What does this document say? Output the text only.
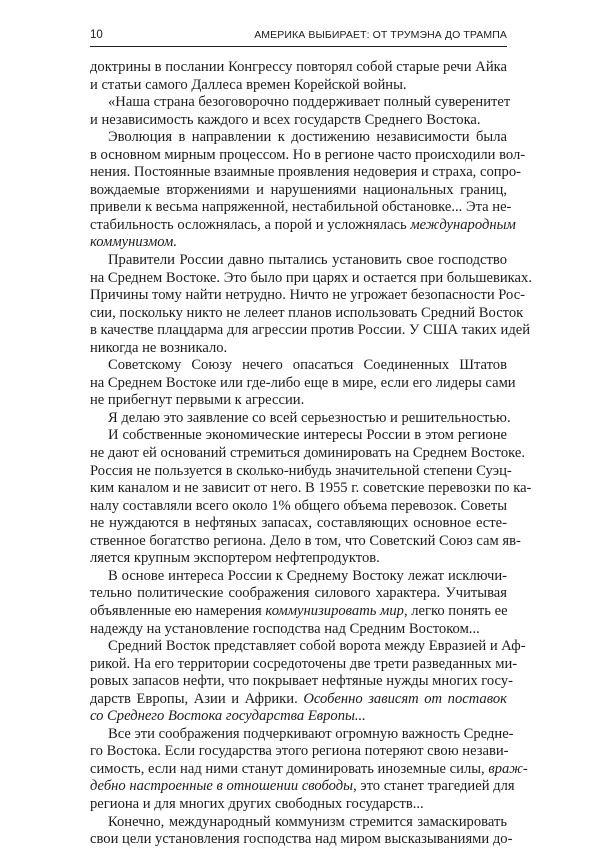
10	АМЕРИКА ВЫБИРАЕТ: ОТ ТРУМЭНА ДО ТРАМПА
доктрины в послании Конгрессу повторял собой старые речи Айка
и статьи самого Даллеса времен Корейской войны.
«Наша страна безоговорочно поддерживает полный суверенитет
и независимость каждого и всех государств Среднего Востока.
Эволюция в направлении к достижению независимости была
в основном мирным процессом. Но в регионе часто происходили вол-
нения. Постоянные взаимные проявления недоверия и страха, сопро-
вождаемые вторжениями и нарушениями национальных границ,
привели к весьма напряженной, нестабильной обстановке... Эта не-
стабильность осложнялась, а порой и усложнялась международным
коммунизмом.
Правители России давно пытались установить свое господство
на Среднем Востоке. Это было при царях и остается при большевиках.
Причины тому найти нетрудно. Ничто не угрожает безопасности Рос-
сии, поскольку никто не лелеет планов использовать Средний Восток
в качестве плацдарма для агрессии против России. У США таких идей
никогда не возникало.
Советскому Союзу нечего опасаться Соединенных Штатов
на Среднем Востоке или где-либо еще в мире, если его лидеры сами
не прибегнут первыми к агрессии.
Я делаю это заявление со всей серьезностью и решительностью.
И собственные экономические интересы России в этом регионе
не дают ей оснований стремиться доминировать на Среднем Востоке.
Россия не пользуется в сколько-нибудь значительной степени Суэц-
ким каналом и не зависит от него. В 1955 г. советские перевозки по ка-
налу составляли всего около 1% общего объема перевозок. Советы
не нуждаются в нефтяных запасах, составляющих основное есте-
ственное богатство региона. Дело в том, что Советский Союз сам яв-
ляется крупным экспортером нефтепродуктов.
В основе интереса России к Среднему Востоку лежат исключи-
тельно политические соображения силового характера. Учитывая
объявленные ею намерения коммунизировать мир, легко понять ее
надежду на установление господства над Средним Востоком...
Средний Восток представляет собой ворота между Евразией и Аф-
рикой. На его территории сосредоточены две трети разведанных ми-
ровых запасов нефти, что покрывает нефтяные нужды многих госу-
дарств Европы, Азии и Африки. Особенно зависят от поставок
со Среднего Востока государства Европы...
Все эти соображения подчеркивают огромную важность Средне-
го Востока. Если государства этого региона потеряют свою незави-
симость, если над ними станут доминировать иноземные силы, враж-
дебно настроенные в отношении свободы, это станет трагедией для
региона и для многих других свободных государств...
Конечно, международный коммунизм стремится замаскировать
свои цели установления господства над миром высказываниями до-
